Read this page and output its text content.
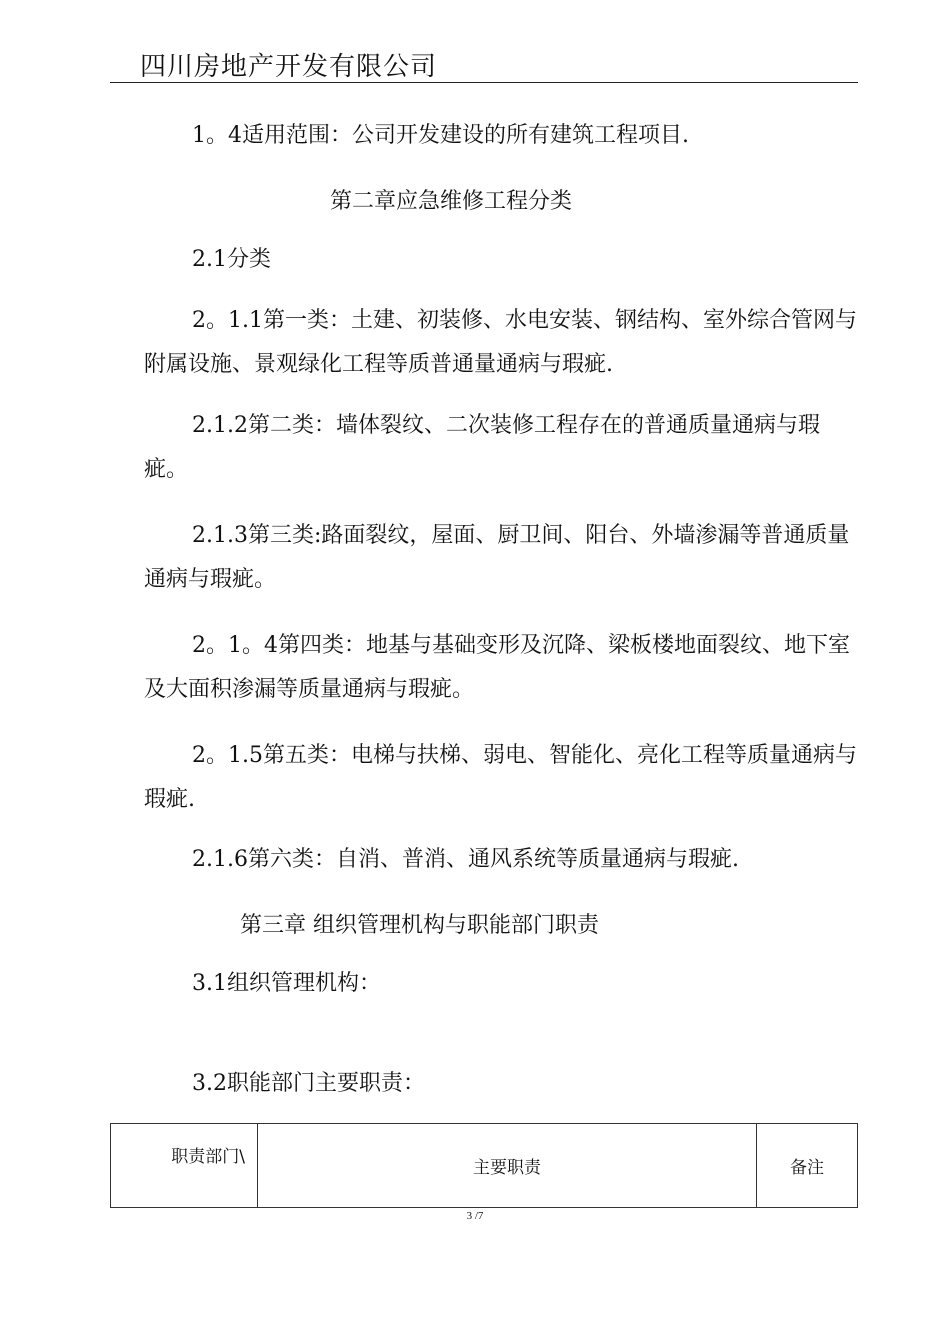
四川房地产开发有限公司
1。4适用范围：公司开发建设的所有建筑工程项目.
第二章应急维修工程分类
2.1分类
2。1.1第一类：土建、初装修、水电安装、钢结构、室外综合管网与附属设施、景观绿化工程等质普通量通病与瑕疵.
2.1.2第二类：墙体裂纹、二次装修工程存在的普通质量通病与瑕疵。
2.1.3第三类:路面裂纹，屋面、厨卫间、阳台、外墙渗漏等普通质量通病与瑕疵。
2。1。4第四类：地基与基础变形及沉降、梁板楼地面裂纹、地下室及大面积渗漏等质量通病与瑕疵。
2。1.5第五类：电梯与扶梯、弱电、智能化、亮化工程等质量通病与瑕疵.
2.1.6第六类：自消、普消、通风系统等质量通病与瑕疵.
第三章 组织管理机构与职能部门职责
3.1组织管理机构：
3.2职能部门主要职责：
职责部门\	主要职责	备注
3 /7
